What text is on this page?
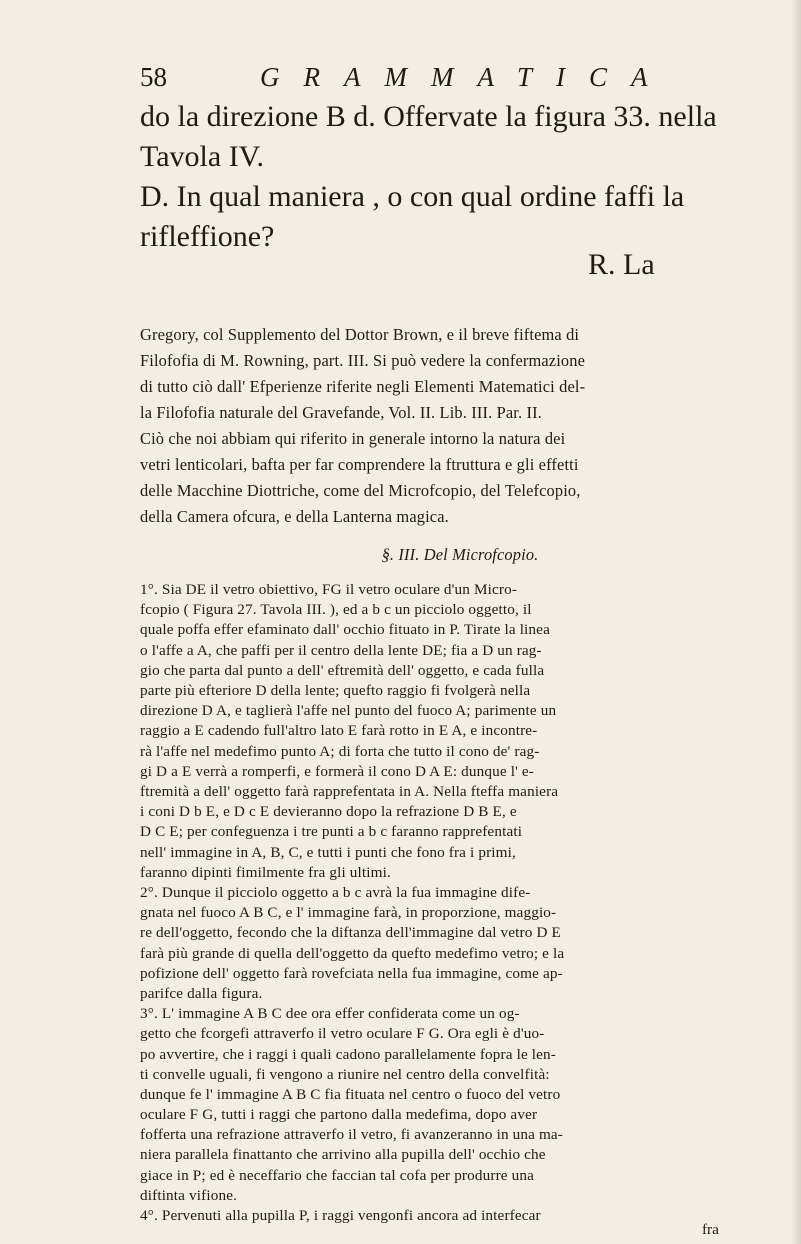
58	GRAMMATICA
do la direzione B d. Offervate la figura 33. nella
Tavola IV.
D. In qual maniera , o con qual ordine faffi la
rifleffione?
R. La
Gregory, col Supplemento del Dottor Brown, e il breve fiftema di
Filofofia di M. Rowning, part. III. Si può vedere la confermazione
di tutto ciò dall' Efperienze riferite negli Elementi Matematici del-
la Filofofia naturale del Gravefande, Vol. II. Lib. III. Par. II.
Ciò che noi abbiam qui riferito in generale intorno la natura dei
vetri lenticolari, bafta per far comprendere la ftruttura e gli effetti
delle Macchine Diottriche, come del Microfcopio, del Telefcopio,
della Camera ofcura, e della Lanterna magica.
§. III. Del Microfcopio.
1°. Sia DE il vetro obiettivo, FG il vetro oculare d'un Micro-
fcopio ( Figura 27. Tavola III. ), ed a b c un picciolo oggetto, il
quale poffa effer efaminato dall' occhio fituato in P. Tirate la linea
o l'affe a A, che paffi per il centro della lente DE; fia a D un rag-
gio che parta dal punto a dell' eftremità dell' oggetto, e cada fulla
parte più efteriore D della lente; quefto raggio fi fvolgerà nella
direzione D A, e taglierà l'affe nel punto del fuoco A; parimente un
raggio a E cadendo full'altro lato E farà rotto in E A, e incontre-
rà l'affe nel medefimo punto A; di forta che tutto il cono de' rag-
gi D a E verrà a romperfi, e formerà il cono D A E: dunque l' e-
ftremità a dell' oggetto farà rapprefentata in A. Nella fteffa maniera
i coni D b E, e D c E devieranno dopo la refrazione D B E, e
D C E; per confeguenza i tre punti a b c faranno rapprefentati
nell' immagine in A, B, C, e tutti i punti che fono fra i primi,
faranno dipinti fimilmente fra gli ultimi.
2°. Dunque il picciolo oggetto a b c avrà la fua immagine dife-
gnata nel fuoco A B C, e l' immagine farà, in proporzione, maggio-
re dell'oggetto, fecondo che la diftanza dell'immagine dal vetro D E
farà più grande di quella dell'oggetto da quefto medefimo vetro; e la
pofizione dell' oggetto farà rovefciata nella fua immagine, come ap-
parifce dalla figura.
3°. L' immagine A B C dee ora effer confiderata come un og-
getto che fcorgefi attraverfo il vetro oculare F G. Ora egli è d'uo-
po avvertire, che i raggi i quali cadono parallelamente fopra le len-
ti convelle uguali, fi vengono a riunire nel centro della convelfità:
dunque fe l' immagine A B C fia fituata nel centro o fuoco del vetro
oculare F G, tutti i raggi che partono dalla medefima, dopo aver
fofferta una refrazione attraverfo il vetro, fi avanzeranno in una ma-
niera parallela finattanto che arrivino alla pupilla dell' occhio che
giace in P; ed è neceffario che faccian tal cofa per produrre una
diftinta vifione.
4°. Pervenuti alla pupilla P, i raggi vengonfi ancora ad interfecar
fra
